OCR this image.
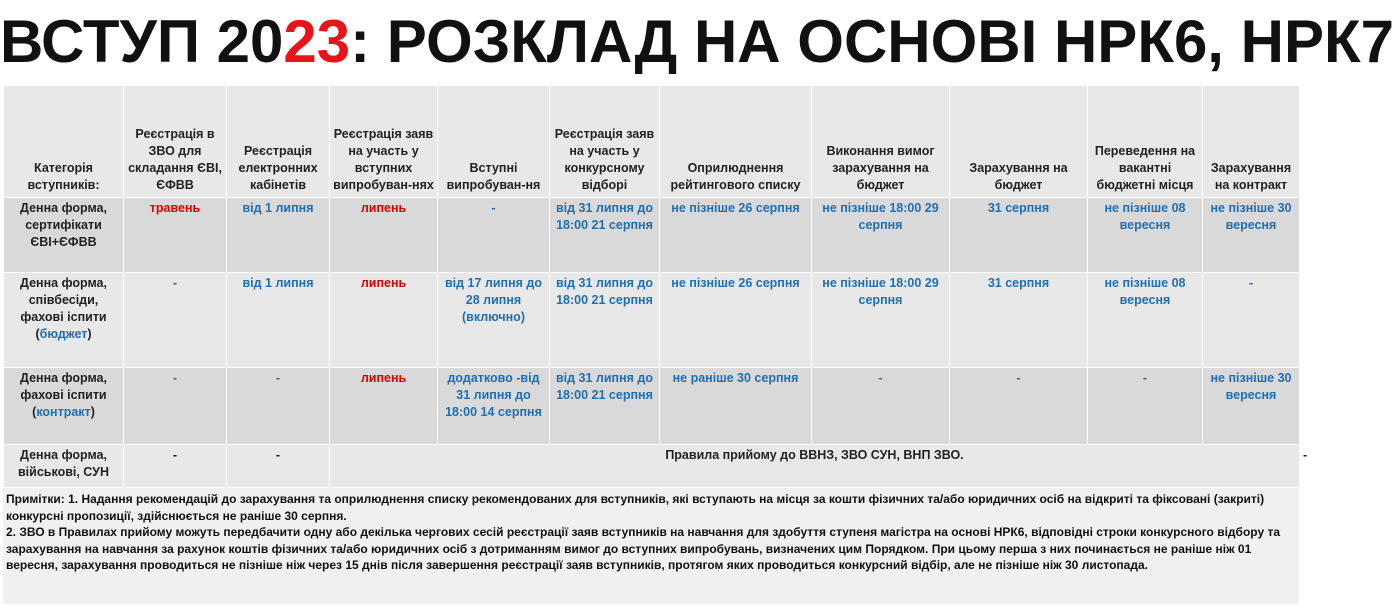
ВСТУП 2023: РОЗКЛАД НА ОСНОВІ НРК6, НРК7
Категорія вступників:	Реєстрація в ЗВО для складання ЄВІ, ЄФВВ	Реєстрація електронних кабінетів	Реєстрація заяв на участь у вступних випробуван-нях	Вступні випробуван-ня	Реєстрація заяв на участь у конкурсному відборі	Оприлюднення рейтингового списку	Виконання вимог зарахування на бюджет	Зарахування на бюджет	Переведення на вакантні бюджетні місця	Зарахування на контракт	
Денна форма, сертифікати ЄВІ+ЄФВВ	травень	від 1 липня	липень	-	від 31 липня до 18:00 21 серпня	не пізніше 26 серпня	не пізніше 18:00 29 серпня	31 серпня	не пізніше 08 вересня	не пізніше 30 вересня	
Денна форма, співбесіди, фахові іспити (бюджет)	-	від 1 липня	липень	від 17 липня до 28 липня (включно)	від 31 липня до 18:00 21 серпня	не пізніше 26 серпня	не пізніше 18:00 29 серпня	31 серпня	не пізніше 08 вересня	-	
Денна форма, фахові іспити (контракт)	-	-	липень	додатково -від 31 липня до 18:00 14 серпня	від 31 липня до 18:00 21 серпня	не раніше 30 серпня	-	-	-	не пізніше 30 вересня	
Денна форма, військові, СУН	-	-	Правила прийому до ВВНЗ, ЗВО СУН, ВНП ЗВО.								-

Примітки: 1. Надання рекомендацій до зарахування та оприлюднення списку рекомендованих для вступників, які вступають на місця за кошти фізичних та/або юридичних осіб на відкриті та фіксовані (закриті) конкурсні пропозиції, здійснюється не раніше 30 серпня.

2. ЗВО в Правилах прийому можуть передбачити одну або декілька чергових сесій реєстрації заяв вступників на навчання для здобуття ступеня магістра на основі НРК6, відповідні строки конкурсного відбору та зарахування на навчання за рахунок коштів фізичних та/або юридичних осіб з дотриманням вимог до вступних випробувань, визначених цим Порядком. При цьому перша з них починається не раніше ніж 01 вересня, зарахування проводиться не пізніше ніж через 15 днів після завершення реєстрації заяв вступників, протягом яких проводиться конкурсний відбір, але не пізніше ніж 30 листопада.
